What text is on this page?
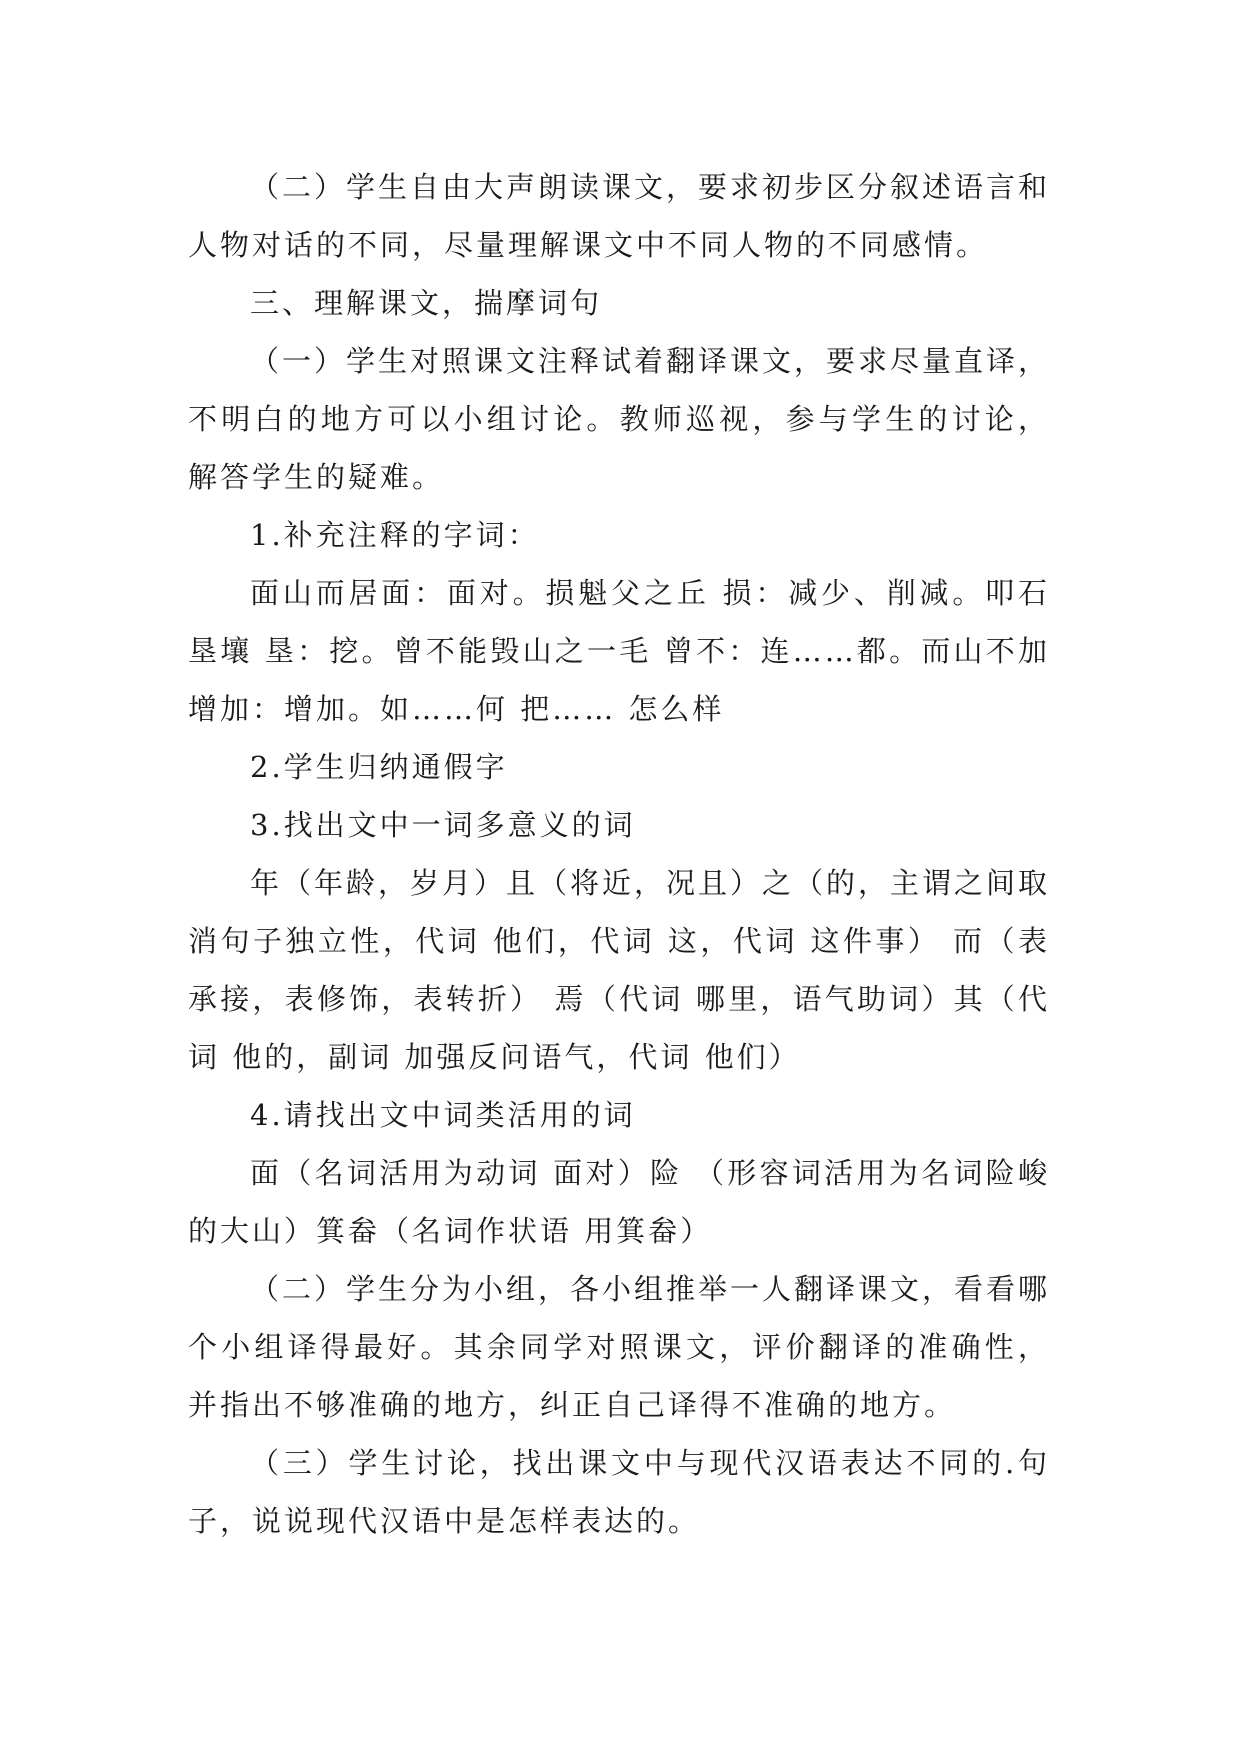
（二）学生自由大声朗读课文，要求初步区分叙述语言和人物对话的不同，尽量理解课文中不同人物的不同感情。

三、理解课文，揣摩词句

（一）学生对照课文注释试着翻译课文，要求尽量直译，不明白的地方可以小组讨论。教师巡视，参与学生的讨论，解答学生的疑难。

1.补充注释的字词：

面山而居面：面对。损魁父之丘 损：减少、削减。叩石垦壤 垦：挖。曾不能毁山之一毛 曾不：连……都。而山不加增加：增加。如……何 把…… 怎么样

2.学生归纳通假字

3.找出文中一词多意义的词

年（年龄，岁月）且（将近，况且）之（的，主谓之间取消句子独立性，代词 他们，代词 这，代词 这件事） 而（表承接，表修饰，表转折） 焉（代词 哪里，语气助词）其（代词 他的，副词 加强反问语气，代词 他们）

4.请找出文中词类活用的词

面（名词活用为动词 面对）险 （形容词活用为名词险峻的大山）箕畚（名词作状语 用箕畚）

（二）学生分为小组，各小组推举一人翻译课文，看看哪个小组译得最好。其余同学对照课文，评价翻译的准确性，并指出不够准确的地方，纠正自己译得不准确的地方。

（三）学生讨论，找出课文中与现代汉语表达不同的.句子，说说现代汉语中是怎样表达的。
